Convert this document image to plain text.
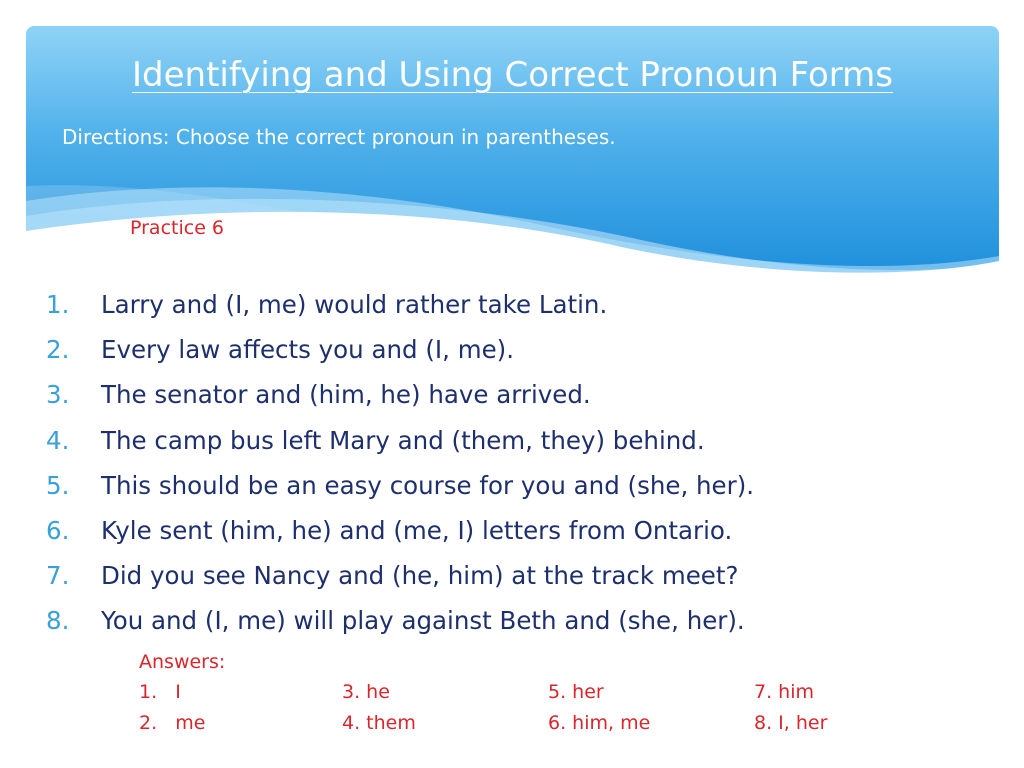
Identifying and Using Correct Pronoun Forms
Directions: Choose the correct pronoun in parentheses.
Practice 6
1.	Larry and (I, me) would rather take Latin.
2.	Every law affects you and (I, me).
3.	The senator and (him, he) have arrived.
4.	The camp bus left Mary and (them, they) behind.
5.	This should be an easy course for you and (she, her).
6.	Kyle sent (him, he) and (me, I) letters from Ontario.
7.	Did you see Nancy and (he, him) at the track meet?
8.	You and (I, me) will play against Beth and (she, her).
Answers:
1.   I
2.   me
3. he
4. them
5. her
6. him, me
7. him
8. I, her
